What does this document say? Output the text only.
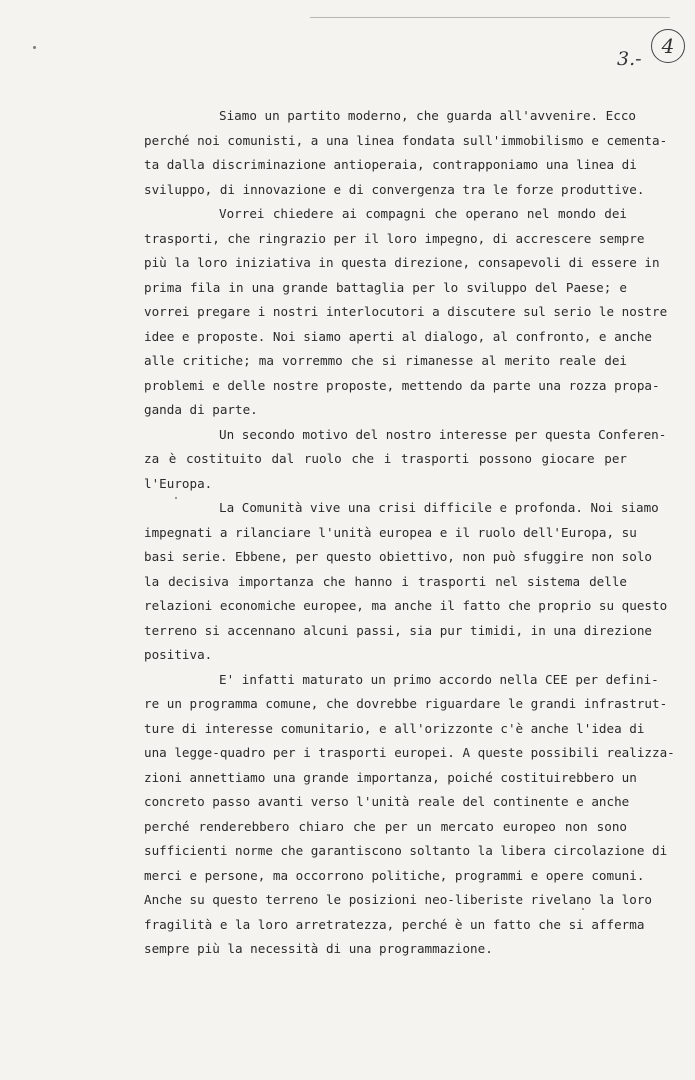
3.-
4

Siamo un partito moderno, che guarda all'avvenire. Ecco
perché noi comunisti, a una linea fondata sull'immobilismo e cementa-
ta dalla discriminazione antioperaia, contrapponiamo una linea di
sviluppo, di innovazione e di convergenza tra le forze produttive.

Vorrei chiedere ai compagni che operano nel mondo dei
trasporti, che ringrazio per il loro impegno, di accrescere sempre
più la loro iniziativa in questa direzione, consapevoli di essere in
prima fila in una grande battaglia per lo sviluppo del Paese; e
vorrei pregare i nostri interlocutori a discutere sul serio le nostre
idee e proposte. Noi siamo aperti al dialogo, al confronto, e anche
alle critiche; ma vorremmo che si rimanesse al merito reale dei
problemi e delle nostre proposte, mettendo da parte una rozza propa-
ganda di parte.

Un secondo motivo del nostro interesse per questa Conferen-
za è costituito dal ruolo che i trasporti possono giocare per
l'Europa.

La Comunità vive una crisi difficile e profonda. Noi siamo
impegnati a rilanciare l'unità europea e il ruolo dell'Europa, su
basi serie. Ebbene, per questo obiettivo, non può sfuggire non solo
la decisiva importanza che hanno i trasporti nel sistema delle
relazioni economiche europee, ma anche il fatto che proprio su questo
terreno si accennano alcuni passi, sia pur timidi, in una direzione
positiva.

E' infatti maturato un primo accordo nella CEE per defini-
re un programma comune, che dovrebbe riguardare le grandi infrastrut-
ture di interesse comunitario, e all'orizzonte c'è anche l'idea di
una legge-quadro per i trasporti europei. A queste possibili realizza-
zioni annettiamo una grande importanza, poiché costituirebbero un
concreto passo avanti verso l'unità reale del continente e anche
perché renderebbero chiaro che per un mercato europeo non sono
sufficienti norme che garantiscono soltanto la libera circolazione di
merci e persone, ma occorrono politiche, programmi e opere comuni.
Anche su questo terreno le posizioni neo-liberiste rivelano la loro
fragilità e la loro arretratezza, perché è un fatto che si afferma
sempre più la necessità di una programmazione.
